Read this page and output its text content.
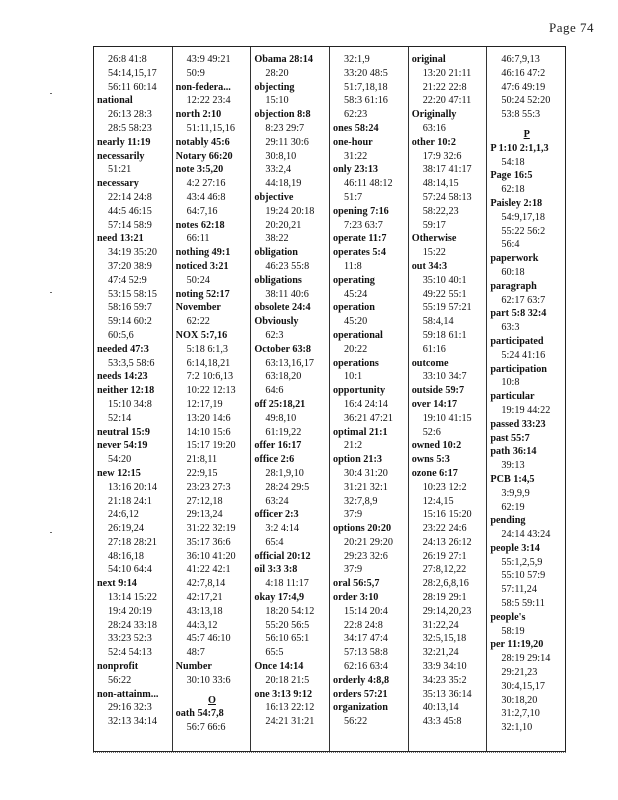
Page 74
26:8 41:8
54:14,15,17
56:11 60:14
national
26:13 28:3
28:5 58:23
nearly 11:19
necessarily
51:21
necessary
22:14 24:8
44:5 46:15
57:14 58:9
need 13:21
34:19 35:20
37:20 38:9
47:4 52:9
53:15 58:15
58:16 59:7
59:14 60:2
60:5,6
needed 47:3
53:3,5 58:6
needs 14:23
neither 12:18
15:10 34:8
52:14
neutral 15:9
never 54:19
54:20
new 12:15
13:16 20:14
21:18 24:1
24:6,12
26:19,24
27:18 28:21
48:16,18
54:10 64:4
next 9:14
13:14 15:22
19:4 20:19
28:24 33:18
33:23 52:3
52:4 54:13
nonprofit
56:22
non-attainm...
29:16 32:3
32:13 34:14
43:9 49:21
50:9
non-federa...
12:22 23:4
north 2:10
51:11,15,16
notably 45:6
Notary 66:20
note 3:5,20
4:2 27:16
43:4 46:8
64:7,16
notes 62:18
66:11
nothing 49:1
noticed 3:21
50:24
noting 52:17
November
62:22
NOX 5:7,16
5:18 6:1,3
6:14,18,21
7:2 10:6,13
10:22 12:13
12:17,19
13:20 14:6
14:10 15:6
15:17 19:20
21:8,11
22:9,15
23:23 27:3
27:12,18
29:13,24
31:22 32:19
35:17 36:6
36:10 41:20
41:22 42:1
42:7,8,14
42:17,21
43:13,18
44:3,12
45:7 46:10
48:7
Number
30:10 33:6
O
oath 54:7,8
56:7 66:6
Obama 28:14
28:20
objecting
15:10
objection 8:8
8:23 29:7
29:11 30:6
30:8,10
33:2,4
44:18,19
objective
19:24 20:18
20:20,21
38:22
obligation
46:23 55:8
obligations
38:11 40:6
obsolete 24:4
Obviously
62:3
October 63:8
63:13,16,17
63:18,20
64:6
off 25:18,21
49:8,10
61:19,22
offer 16:17
office 2:6
28:1,9,10
28:24 29:5
63:24
officer 2:3
3:2 4:14
65:4
official 20:12
oil 3:3 3:8
4:18 11:17
okay 17:4,9
18:20 54:12
55:20 56:5
56:10 65:1
65:5
Once 14:14
20:18 21:5
one 3:13 9:12
16:13 22:12
24:21 31:21
32:1,9
33:20 48:5
51:7,18,18
58:3 61:16
62:23
ones 58:24
one-hour
31:22
only 23:13
46:11 48:12
51:7
opening 7:16
7:23 63:7
operate 11:7
operates 5:4
11:8
operating
45:24
operation
45:20
operational
20:22
operations
10:1
opportunity
16:4 24:14
36:21 47:21
optimal 21:1
21:2
option 21:3
30:4 31:20
31:21 32:1
32:7,8,9
37:9
options 20:20
20:21 29:20
29:23 32:6
37:9
oral 56:5,7
order 3:10
15:14 20:4
22:8 24:8
34:17 47:4
57:13 58:8
62:16 63:4
orderly 4:8,8
orders 57:21
organization
56:22
original
13:20 21:11
21:22 22:8
22:20 47:11
Originally
63:16
other 10:2
17:9 32:6
38:17 41:17
48:14,15
57:24 58:13
58:22,23
59:17
Otherwise
15:22
out 34:3
35:10 40:1
49:22 55:1
55:19 57:21
58:4,14
59:18 61:1
61:16
outcome
33:10 34:7
outside 59:7
over 14:17
19:10 41:15
52:6
owned 10:2
owns 5:3
ozone 6:17
10:23 12:2
12:4,15
15:16 15:20
23:22 24:6
24:13 26:12
26:19 27:1
27:8,12,22
28:2,6,8,16
28:19 29:1
29:14,20,23
31:22,24
32:5,15,18
32:21,24
33:9 34:10
34:23 35:2
35:13 36:14
40:13,14
43:3 45:8
46:7,9,13
46:16 47:2
47:6 49:19
50:24 52:20
53:8 55:3
P
P 1:10 2:1,1,3
54:18
Page 16:5
62:18
Paisley 2:18
54:9,17,18
55:22 56:2
56:4
paperwork
60:18
paragraph
62:17 63:7
part 5:8 32:4
63:3
participated
5:24 41:16
participation
10:8
particular
19:19 44:22
passed 33:23
past 55:7
path 36:14
39:13
PCB 1:4,5
3:9,9,9
62:19
pending
24:14 43:24
people 3:14
55:1,2,5,9
55:10 57:9
57:11,24
58:5 59:11
people's
58:19
per 11:19,20
28:19 29:14
29:21,23
30:4,15,17
30:18,20
31:2,7,10
32:1,10
